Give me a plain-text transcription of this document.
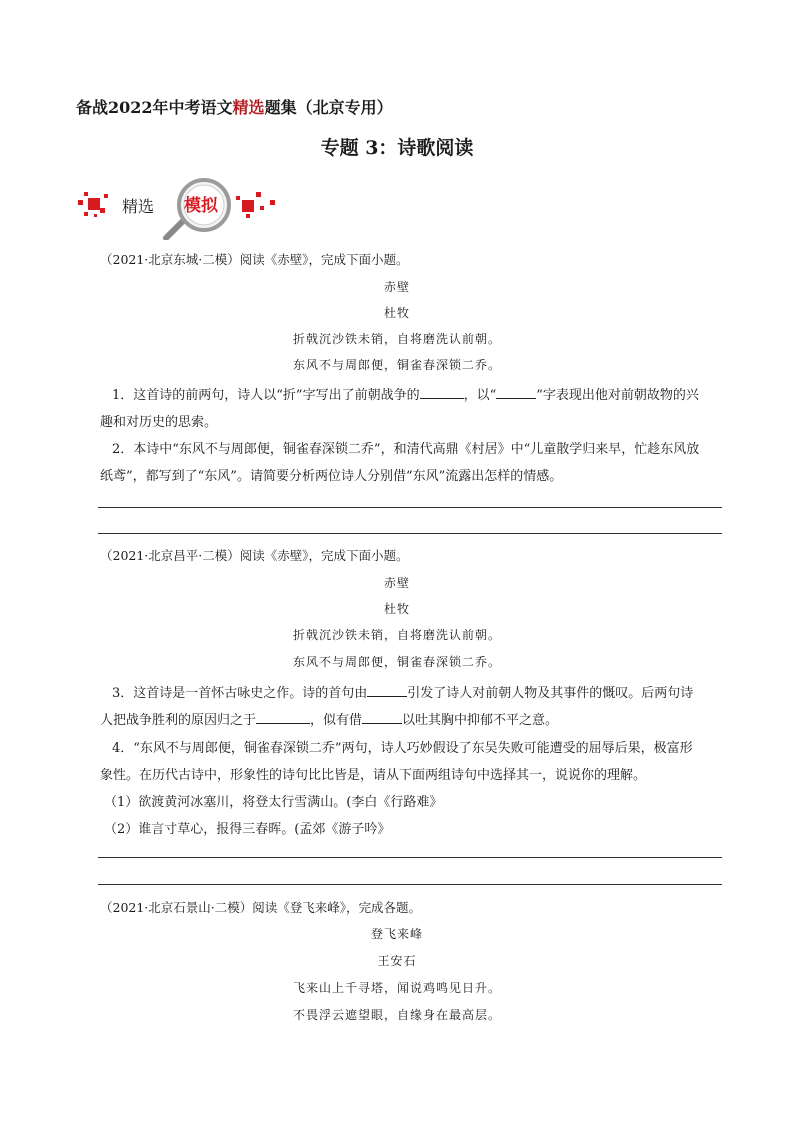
备战2022年中考语文精选题集（北京专用）
专题 3：诗歌阅读
精选 模拟
（2021·北京东城·二模）阅读《赤壁》，完成下面小题。
赤壁
杜牧
折戟沉沙铁未销，自将磨洗认前朝。
东风不与周郎便，铜雀春深锁二乔。
1．这首诗的前两句，诗人以“折”字写出了前朝战争的	，以“	”字表现出他对前朝故物的兴
趣和对历史的思索。
2．本诗中“东风不与周郎便，铜雀春深锁二乔”，和清代高鼎《村居》中“儿童散学归来早，忙趁东风放
纸鸢”，都写到了“东风”。请简要分析两位诗人分别借“东风”流露出怎样的情感。
（2021·北京昌平·二模）阅读《赤壁》，完成下面小题。
赤壁
杜牧
折戟沉沙铁未销，自将磨洗认前朝。
东风不与周郎便，铜雀春深锁二乔。
3．这首诗是一首怀古咏史之作。诗的首句由	引发了诗人对前朝人物及其事件的慨叹。后两句诗
人把战争胜利的原因归之于	，似有借	以吐其胸中抑郁不平之意。
4．“东风不与周郎便，铜雀春深锁二乔”两句，诗人巧妙假设了东吴失败可能遭受的屈辱后果，极富形
象性。在历代古诗中，形象性的诗句比比皆是，请从下面两组诗句中选择其一，说说你的理解。
（1）欲渡黄河冰塞川，将登太行雪满山。(李白《行路难》
（2）谁言寸草心，报得三春晖。(孟郊《游子吟》
（2021·北京石景山·二模）阅读《登飞来峰》，完成各题。
登飞来峰
王安石
飞来山上千寻塔，闻说鸡鸣见日升。
不畏浮云遮望眼，自缘身在最高层。
